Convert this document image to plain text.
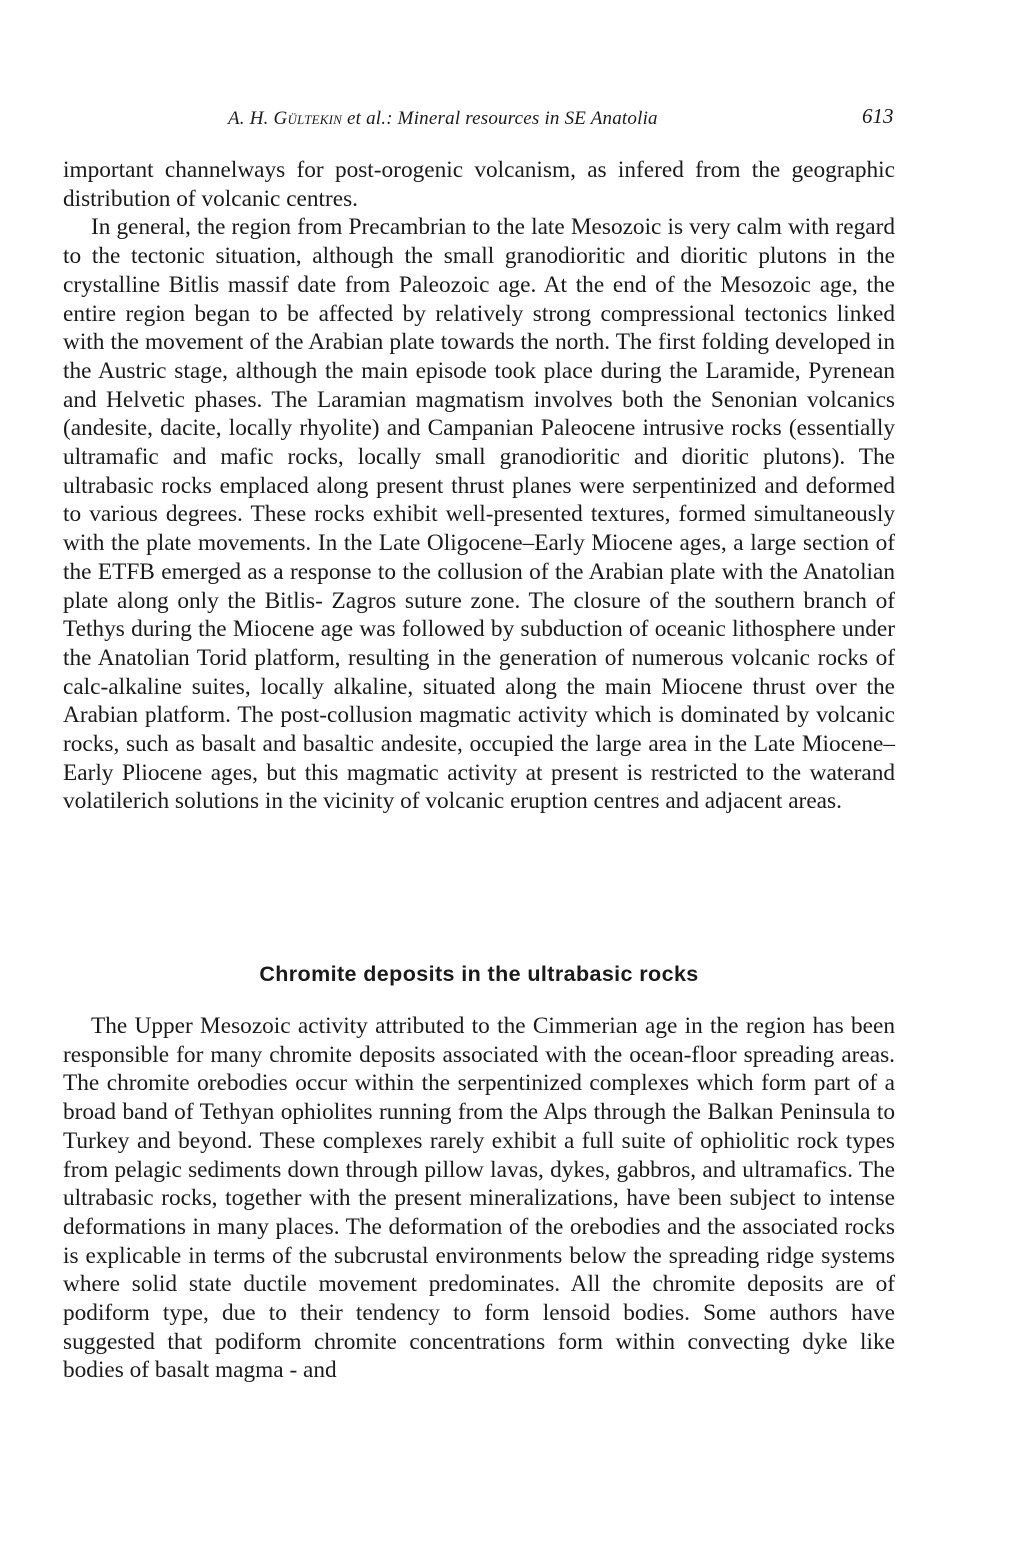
A. H. Gültekin et al.: Mineral resources in SE Anatolia	613

important channelways for post-orogenic volcanism, as infered from the geographic distribution of volcanic centres.

In general, the region from Precambrian to the late Mesozoic is very calm with regard to the tectonic situation, although the small granodioritic and dioritic plutons in the crystalline Bitlis massif date from Paleozoic age. At the end of the Mesozoic age, the entire region began to be affected by relatively strong compressional tectonics linked with the movement of the Arabian plate towards the north. The first folding developed in the Austric stage, although the main episode took place during the Laramide, Pyrenean and Helvetic phases. The Laramian magmatism involves both the Senonian volcanics (andesite, dacite, locally rhyolite) and Campanian Paleocene intrusive rocks (essentially ultramafic and mafic rocks, locally small granodioritic and dioritic plutons). The ultrabasic rocks emplaced along present thrust planes were serpentinized and deformed to various degrees. These rocks exhibit well-presented textures, formed simultaneously with the plate movements. In the Late Oligocene–Early Miocene ages, a large section of the ETFB emerged as a response to the collusion of the Arabian plate with the Anatolian plate along only the Bitlis- Zagros suture zone. The closure of the southern branch of Tethys during the Miocene age was followed by subduction of oceanic lithosphere under the Anatolian Torid platform, resulting in the generation of numerous volcanic rocks of calc-alkaline suites, locally alkaline, situated along the main Miocene thrust over the Arabian platform. The post-collusion magmatic activity which is dominated by volcanic rocks, such as basalt and basaltic andesite, occupied the large area in the Late Miocene–Early Pliocene ages, but this magmatic activity at present is restricted to the waterand volatilerich solutions in the vicinity of volcanic eruption centres and adjacent areas.

Chromite deposits in the ultrabasic rocks

The Upper Mesozoic activity attributed to the Cimmerian age in the region has been responsible for many chromite deposits associated with the ocean-floor spreading areas. The chromite orebodies occur within the serpentinized complexes which form part of a broad band of Tethyan ophiolites running from the Alps through the Balkan Peninsula to Turkey and beyond. These complexes rarely exhibit a full suite of ophiolitic rock types from pelagic sediments down through pillow lavas, dykes, gabbros, and ultramafics. The ultrabasic rocks, together with the present mineralizations, have been subject to intense deformations in many places. The deformation of the orebodies and the associated rocks is explicable in terms of the subcrustal environments below the spreading ridge systems where solid state ductile movement predominates. All the chromite deposits are of podiform type, due to their tendency to form lensoid bodies. Some authors have suggested that podiform chromite concentrations form within convecting dyke like bodies of basalt magma - and
